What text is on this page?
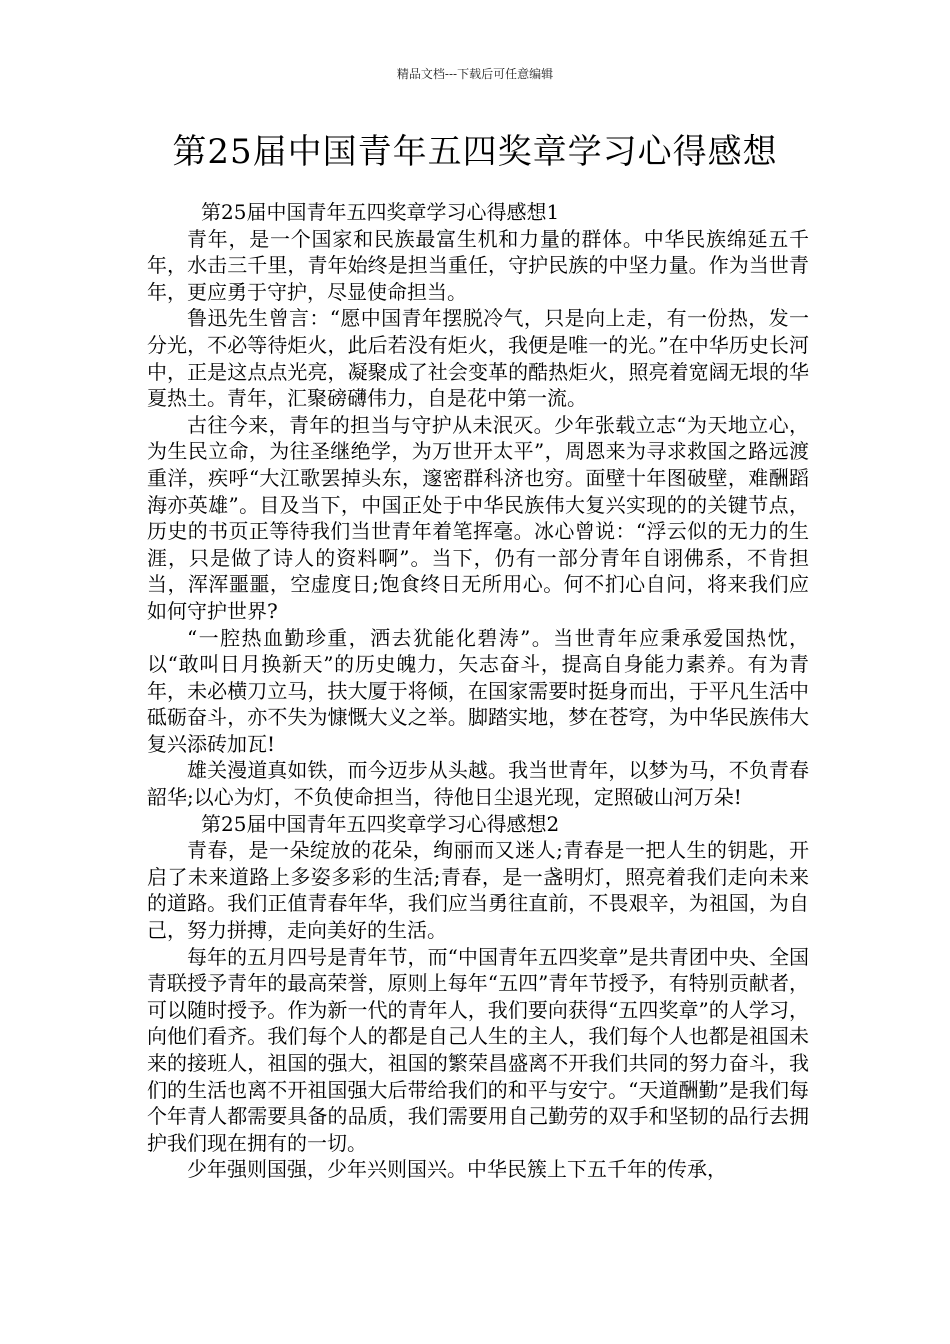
精品文档---下载后可任意编辑
第25届中国青年五四奖章学习心得感想

第25届中国青年五四奖章学习心得感想1

青年，是一个国家和民族最富生机和力量的群体。中华民族绵延五千年，水击三千里，青年始终是担当重任，守护民族的中坚力量。作为当世青年，更应勇于守护，尽显使命担当。

鲁迅先生曾言：“愿中国青年摆脱冷气，只是向上走，有一份热，发一分光，不必等待炬火，此后若没有炬火，我便是唯一的光。”在中华历史长河中，正是这点点光亮，凝聚成了社会变革的酷热炬火，照亮着宽阔无垠的华夏热土。青年，汇聚磅礴伟力，自是花中第一流。

古往今来，青年的担当与守护从未泯灭。少年张载立志“为天地立心，为生民立命，为往圣继绝学，为万世开太平”，周恩来为寻求救国之路远渡重洋，疾呼“大江歌罢掉头东，邃密群科济也穷。面壁十年图破壁，难酬蹈海亦英雄”。目及当下，中国正处于中华民族伟大复兴实现的的关键节点，历史的书页正等待我们当世青年着笔挥毫。冰心曾说：“浮云似的无力的生涯，只是做了诗人的资料啊”。当下，仍有一部分青年自诩佛系，不肯担当，浑浑噩噩，空虚度日;饱食终日无所用心。何不扪心自问，将来我们应如何守护世界?

“一腔热血勤珍重，洒去犹能化碧涛”。当世青年应秉承爱国热忱，以“敢叫日月换新天”的历史魄力，矢志奋斗，提高自身能力素养。有为青年，未必横刀立马，扶大厦于将倾，在国家需要时挺身而出，于平凡生活中砥砺奋斗，亦不失为慷慨大义之举。脚踏实地，梦在苍穹，为中华民族伟大复兴添砖加瓦!

雄关漫道真如铁，而今迈步从头越。我当世青年，以梦为马，不负青春韶华;以心为灯，不负使命担当，待他日尘退光现，定照破山河万朵!

第25届中国青年五四奖章学习心得感想2

青春，是一朵绽放的花朵，绚丽而又迷人;青春是一把人生的钥匙，开启了未来道路上多姿多彩的生活;青春，是一盏明灯，照亮着我们走向未来的道路。我们正值青春年华，我们应当勇往直前，不畏艰辛，为祖国，为自己，努力拼搏，走向美好的生活。

每年的五月四号是青年节，而“中国青年五四奖章”是共青团中央、全国青联授予青年的最高荣誉，原则上每年“五四”青年节授予，有特别贡献者，可以随时授予。作为新一代的青年人，我们要向获得“五四奖章”的人学习，向他们看齐。我们每个人的都是自己人生的主人，我们每个人也都是祖国未来的接班人，祖国的强大，祖国的繁荣昌盛离不开我们共同的努力奋斗，我们的生活也离不开祖国强大后带给我们的和平与安宁。“天道酬勤”是我们每个年青人都需要具备的品质，我们需要用自己勤劳的双手和坚韧的品行去拥护我们现在拥有的一切。

少年强则国强，少年兴则国兴。中华民簇上下五千年的传承，
